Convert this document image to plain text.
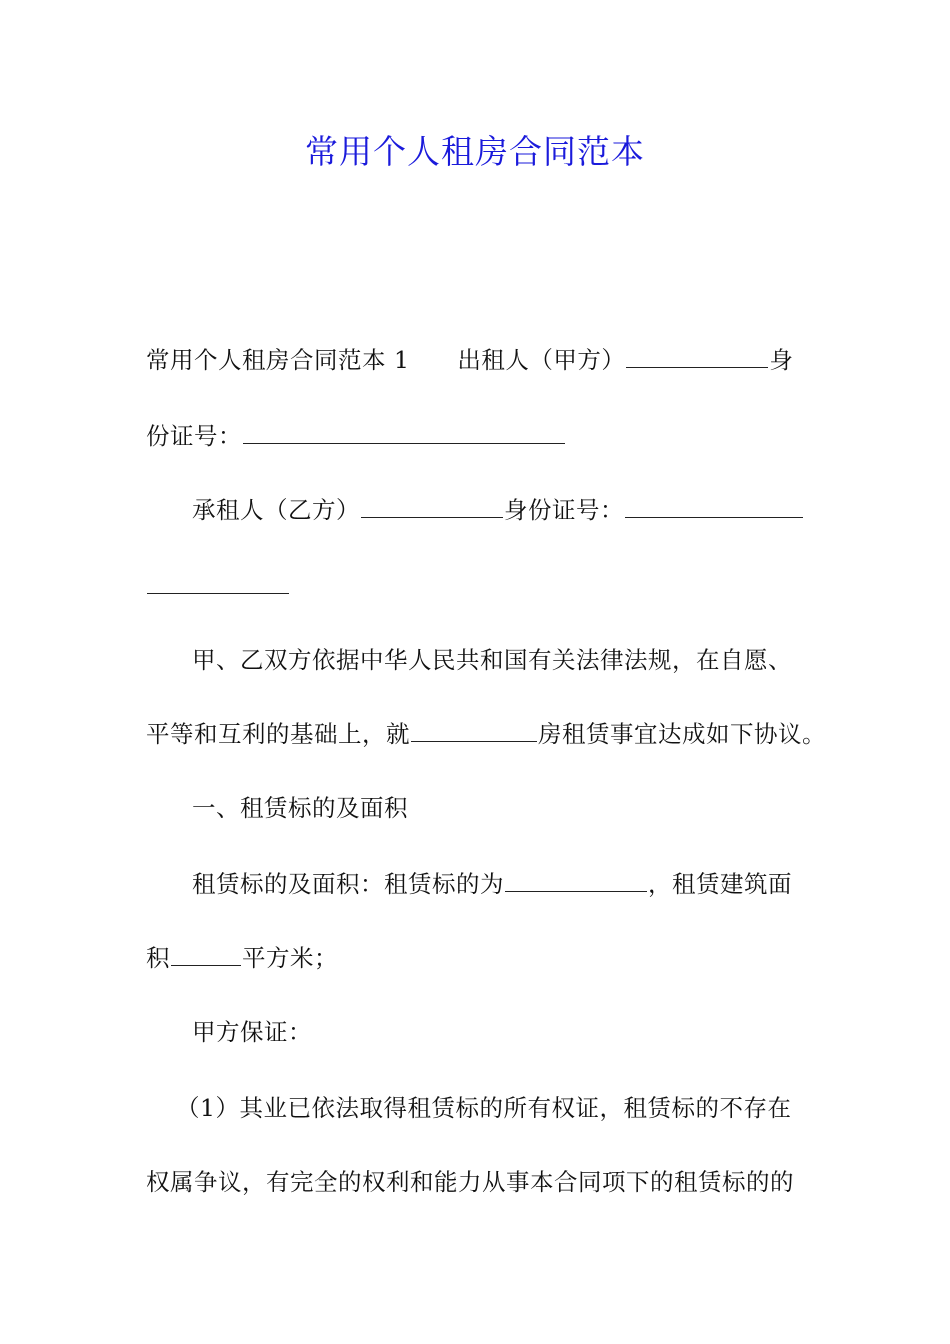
常用个人租房合同范本
常用个人租房合同范本 1　　出租人（甲方）	身
份证号：
承租人（乙方）	身份证号：
甲、乙双方依据中华人民共和国有关法律法规，在自愿、
平等和互利的基础上，就	房租赁事宜达成如下协议。
一、租赁标的及面积
租赁标的及面积：租赁标的为	，租赁建筑面
积	平方米；
甲方保证：
（1）其业已依法取得租赁标的所有权证，租赁标的不存在
权属争议，有完全的权利和能力从事本合同项下的租赁标的的
